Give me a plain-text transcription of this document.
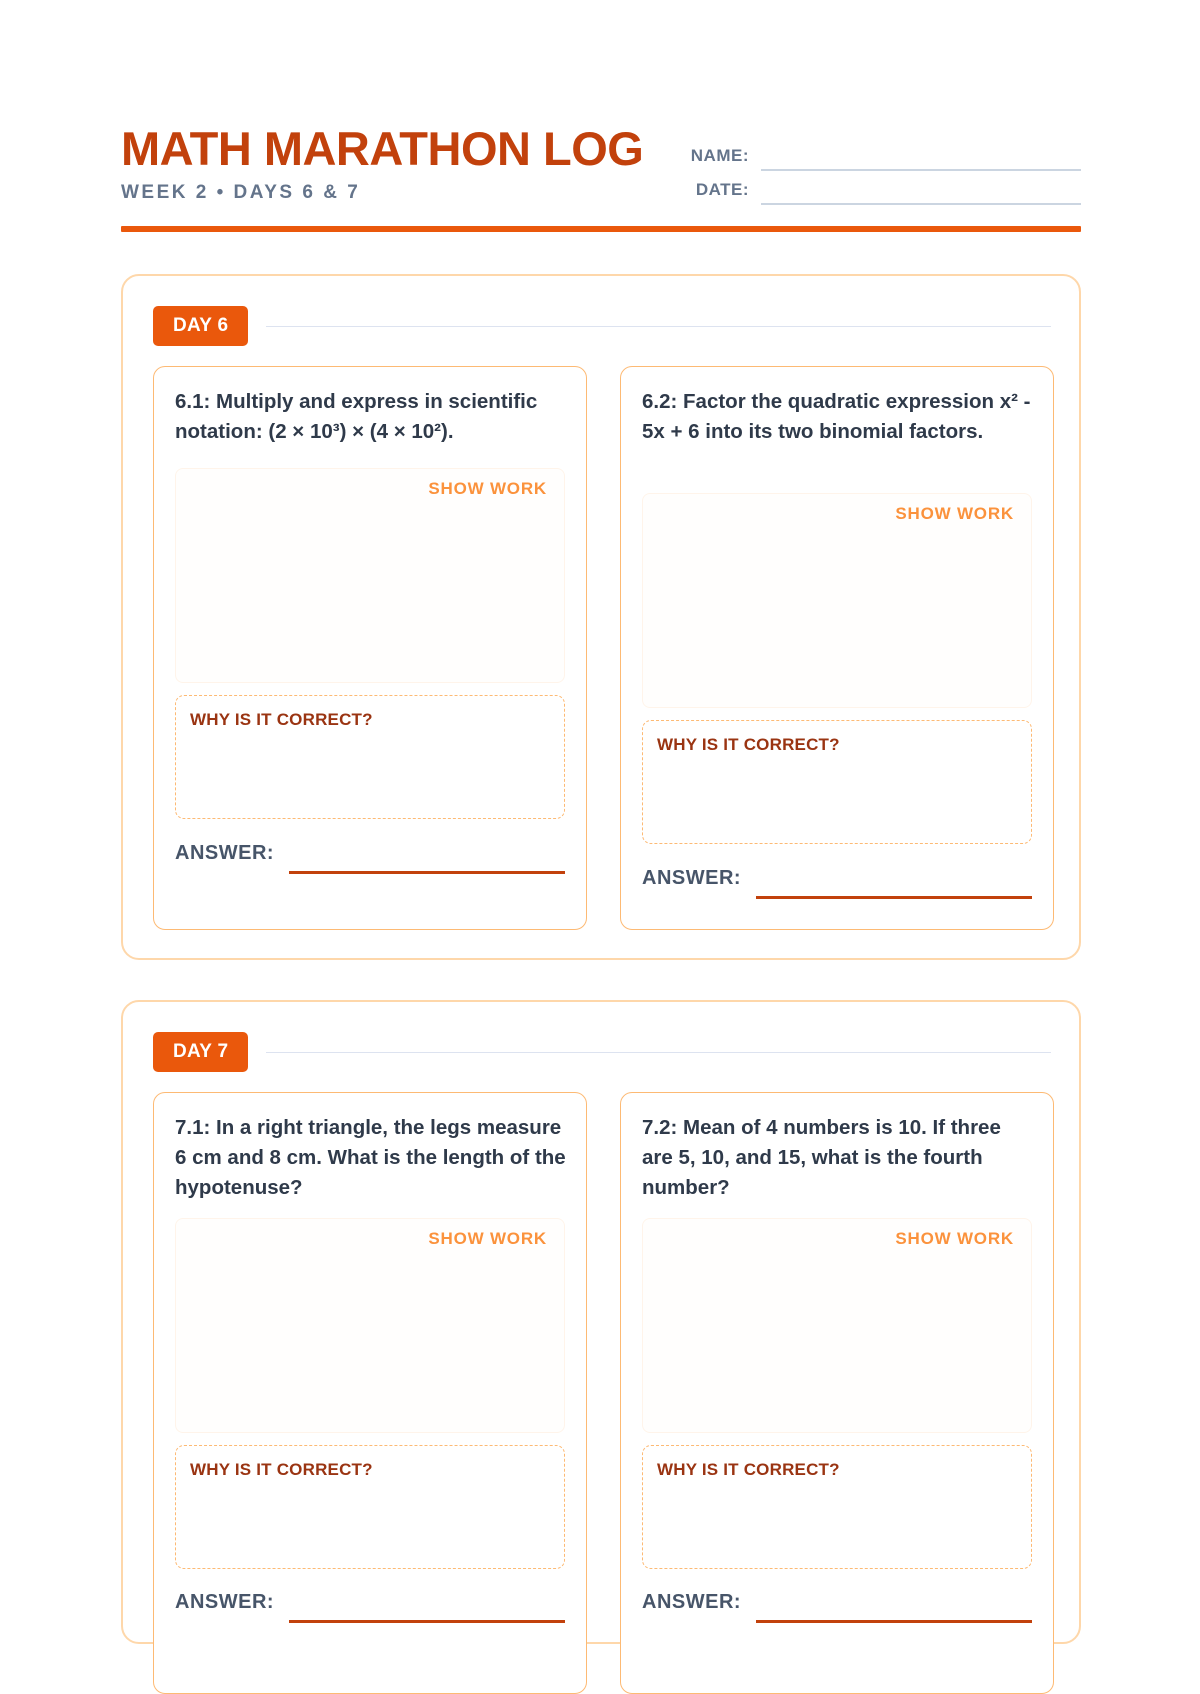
MATH MARATHON LOG
WEEK 2 • DAYS 6 & 7
NAME:
DATE:
DAY 6
6.1: Multiply and express in scientific notation: (2 × 10³) × (4 × 10²).
SHOW WORK
WHY IS IT CORRECT?
ANSWER:
6.2: Factor the quadratic expression x² - 5x + 6 into its two binomial factors.
SHOW WORK
WHY IS IT CORRECT?
ANSWER:
DAY 7
7.1: In a right triangle, the legs measure 6 cm and 8 cm. What is the length of the hypotenuse?
SHOW WORK
WHY IS IT CORRECT?
ANSWER:
7.2: Mean of 4 numbers is 10. If three are 5, 10, and 15, what is the fourth number?
SHOW WORK
WHY IS IT CORRECT?
ANSWER:
